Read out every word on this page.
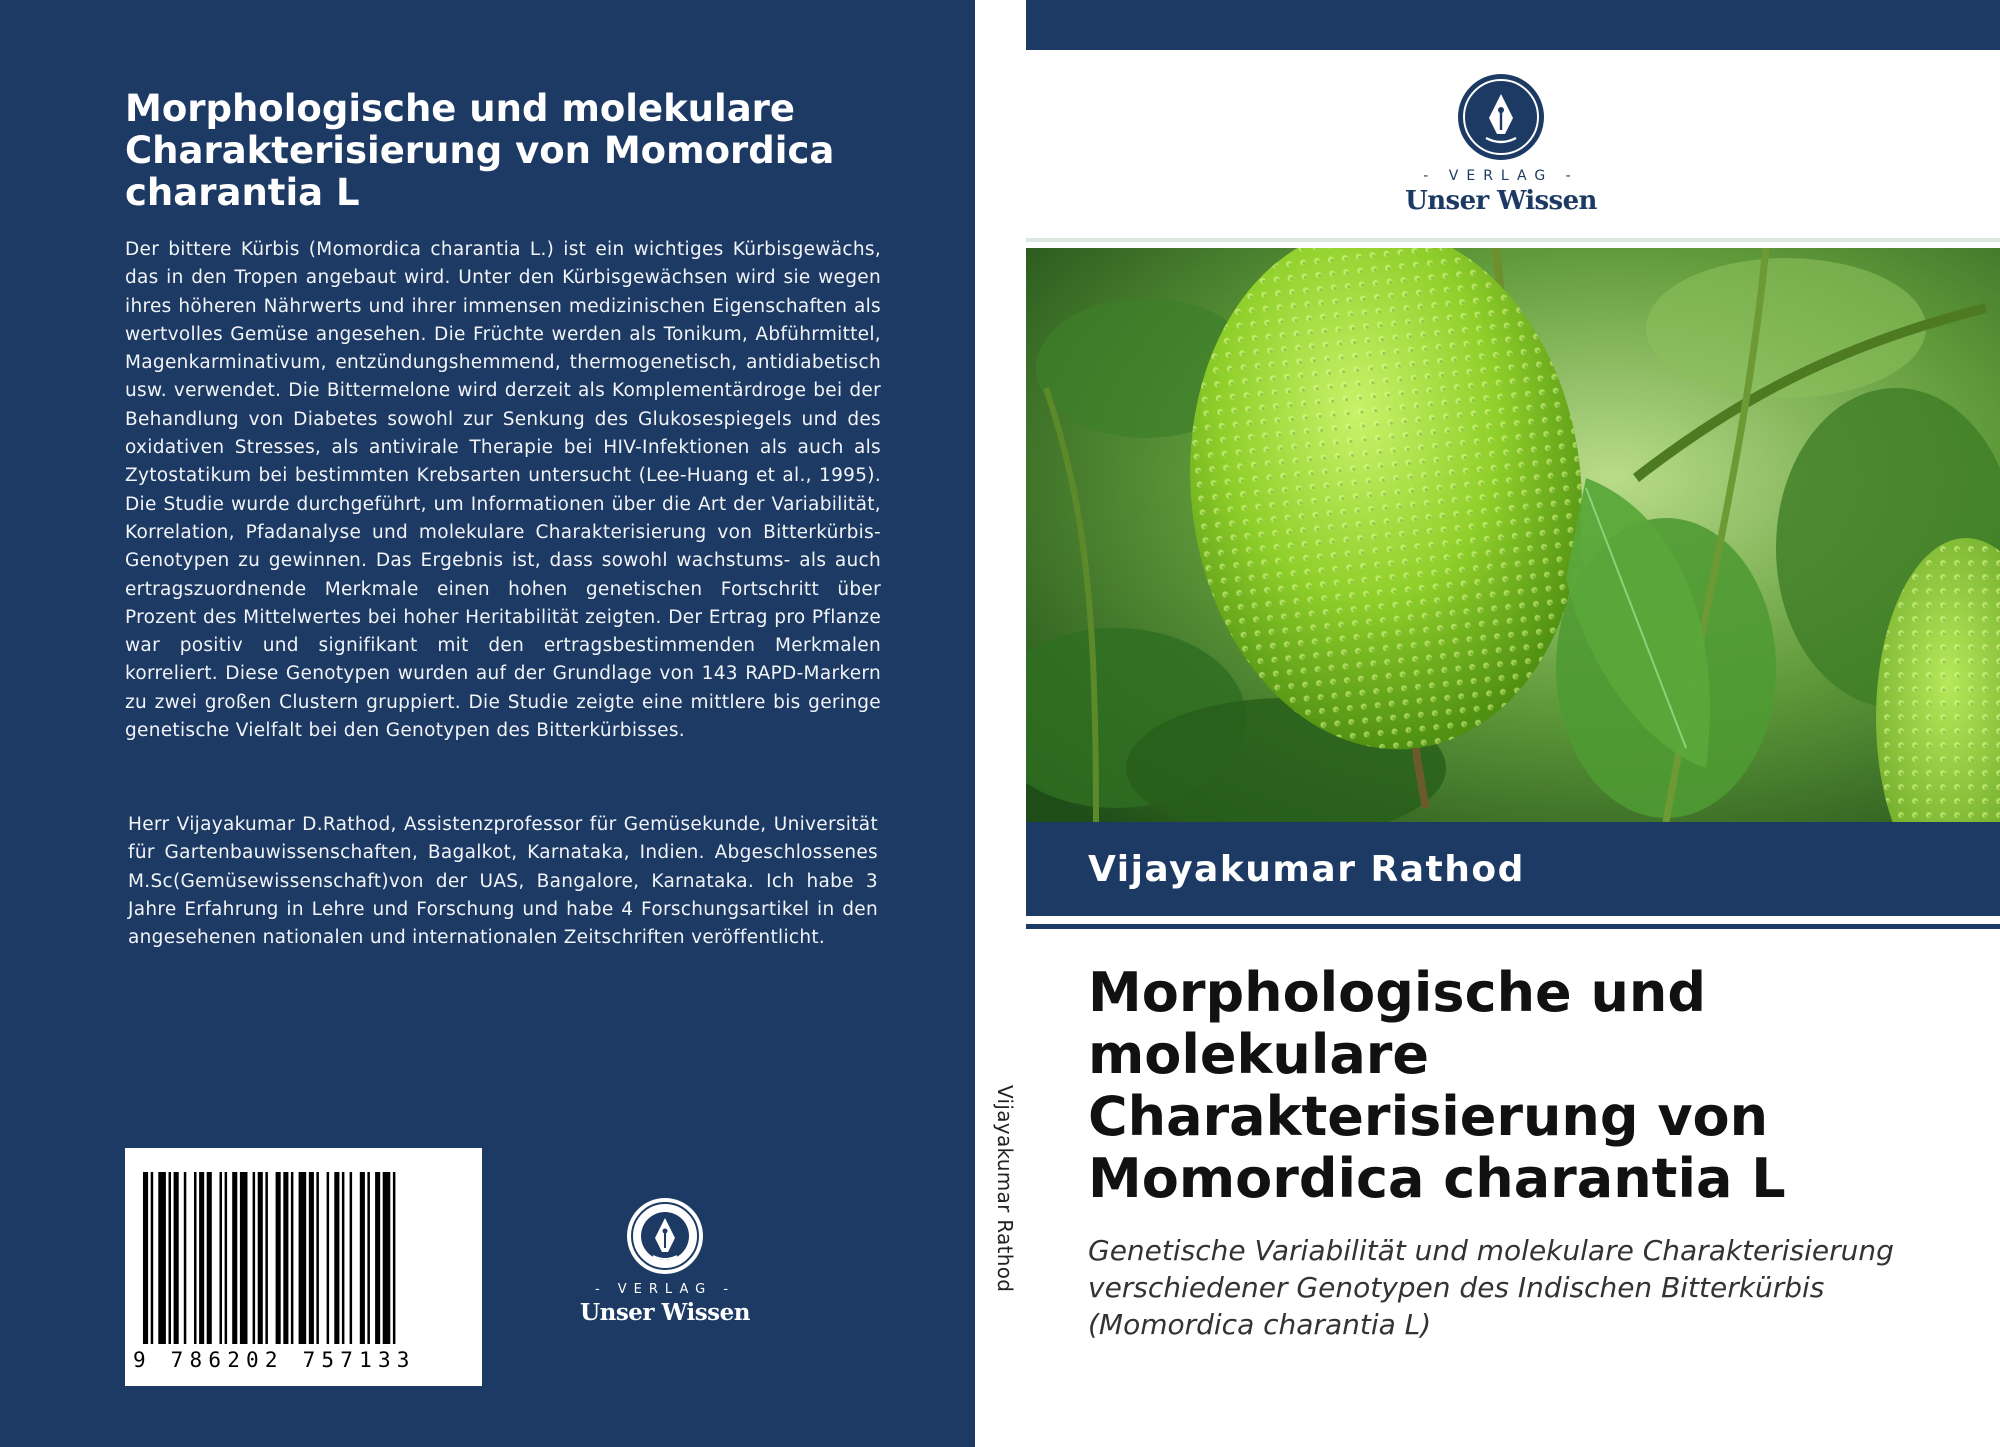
Morphologische und molekulare Charakterisierung von Momordica charantia L

Der bittere Kürbis (Momordica charantia L.) ist ein wichtiges Kürbisgewächs, das in den Tropen angebaut wird. Unter den Kürbisgewächsen wird sie wegen ihres höheren Nährwerts und ihrer immensen medizinischen Eigenschaften als wertvolles Gemüse angesehen. Die Früchte werden als Tonikum, Abführmittel, Magenkarminativum, entzündungshemmend, thermogenetisch, antidiabetisch usw. verwendet. Die Bittermelone wird derzeit als Komplementärdroge bei der Behandlung von Diabetes sowohl zur Senkung des Glukosespiegels und des oxidativen Stresses, als antivirale Therapie bei HIV-Infektionen als auch als Zytostatikum bei bestimmten Krebsarten untersucht (Lee-Huang et al., 1995). Die Studie wurde durchgeführt, um Informationen über die Art der Variabilität, Korrelation, Pfadanalyse und molekulare Charakterisierung von Bitterkürbis-Genotypen zu gewinnen. Das Ergebnis ist, dass sowohl wachstums- als auch ertragszuordnende Merkmale einen hohen genetischen Fortschritt über Prozent des Mittelwertes bei hoher Heritabilität zeigten. Der Ertrag pro Pflanze war positiv und signifikant mit den ertragsbestimmenden Merkmalen korreliert. Diese Genotypen wurden auf der Grundlage von 143 RAPD-Markern zu zwei großen Clustern gruppiert. Die Studie zeigte eine mittlere bis geringe genetische Vielfalt bei den Genotypen des Bitterkürbisses.

Herr Vijayakumar D.Rathod, Assistenzprofessor für Gemüsekunde, Universität für Gartenbauwissenschaften, Bagalkot, Karnataka, Indien. Abgeschlossenes M.Sc(Gemüsewissenschaft)von der UAS, Bangalore, Karnataka. Ich habe 3 Jahre Erfahrung in Lehre und Forschung und habe 4 Forschungsartikel in den angesehenen nationalen und internationalen Zeitschriften veröffentlicht.

9 786202 757133
- VERLAG -
Unser Wissen
Vijayakumar Rathod
- VERLAG -
Unser Wissen
Vijayakumar Rathod
Morphologische und molekulare Charakterisierung von Momordica charantia L

Genetische Variabilität und molekulare Charakterisierung verschiedener Genotypen des Indischen Bitterkürbis (Momordica charantia L)
